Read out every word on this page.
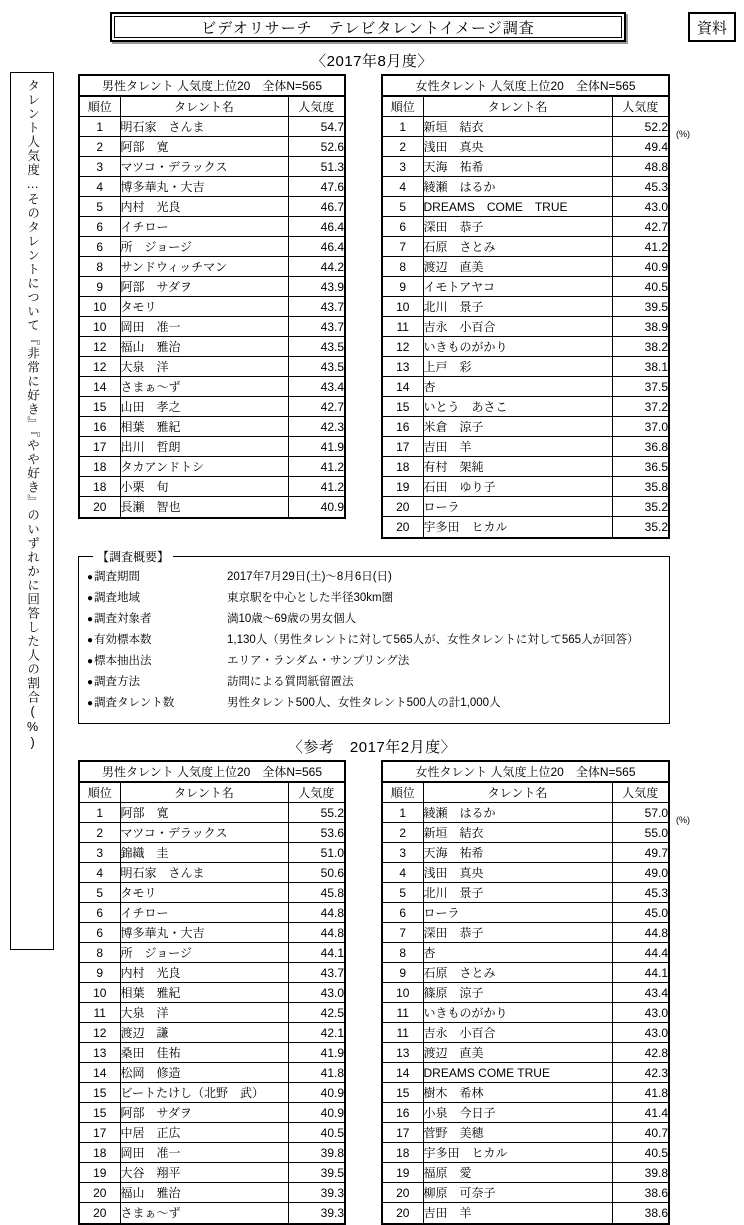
ビデオリサーチ　テレビタレントイメージ調査	資料
〈2017年8月度〉
タレント人気度…そのタレントについて『非常に好き』『やや好き』のいずれかに回答した人の割合(%)	男性タレント 人気度上位20　全体N=565
順位	タレント名	人気度
1	明石家　さんま	54.7
2	阿部　寛	52.6
3	マツコ・デラックス	51.3
4	博多華丸・大吉	47.6
5	内村　光良	46.7
6	イチロー	46.4
6	所　ジョージ	46.4
8	サンドウィッチマン	44.2
9	阿部　サダヲ	43.9
10	タモリ	43.7
10	岡田　准一	43.7
12	福山　雅治	43.5
12	大泉　洋	43.5
14	さまぁ〜ず	43.4
15	山田　孝之	42.7
16	相葉　雅紀	42.3
17	出川　哲朗	41.9
18	タカアンドトシ	41.2
18	小栗　旬	41.2
20	長瀬　智也	40.9
女性タレント 人気度上位20　全体N=565
順位	タレント名	人気度
1	新垣　結衣	52.2
2	浅田　真央	49.4
3	天海　祐希	48.8
4	綾瀬　はるか	45.3
5	DREAMS　COME　TRUE	43.0
6	深田　恭子	42.7
7	石原　さとみ	41.2
8	渡辺　直美	40.9
9	イモトアヤコ	40.5
10	北川　景子	39.5
11	吉永　小百合	38.9
12	いきものがかり	38.2
13	上戸　彩	38.1
14	杏	37.5
15	いとう　あさこ	37.2
16	米倉　涼子	37.0
17	吉田　羊	36.8
18	有村　架純	36.5
19	石田　ゆり子	35.8
20	ローラ	35.2
20	宇多田　ヒカル	35.2
(%)
【調査概要】
●調査期間	2017年7月29日(土)〜8月6日(日)
●調査地域	東京駅を中心とした半径30km圏
●調査対象者	満10歳〜69歳の男女個人
●有効標本数	1,130人（男性タレントに対して565人が、女性タレントに対して565人が回答）
●標本抽出法	エリア・ランダム・サンプリング法
●調査方法	訪問による質問紙留置法
●調査タレント数	男性タレント500人、女性タレント500人の計1,000人
〈参考　2017年2月度〉
男性タレント 人気度上位20　全体N=565
順位	タレント名	人気度
1	阿部　寛	55.2
2	マツコ・デラックス	53.6
3	錦織　圭	51.0
4	明石家　さんま	50.6
5	タモリ	45.8
6	イチロー	44.8
6	博多華丸・大吉	44.8
8	所　ジョージ	44.1
9	内村　光良	43.7
10	相葉　雅紀	43.0
11	大泉　洋	42.5
12	渡辺　謙	42.1
13	桑田　佳祐	41.9
14	松岡　修造	41.8
15	ビートたけし（北野　武）	40.9
15	阿部　サダヲ	40.9
17	中居　正広	40.5
18	岡田　准一	39.8
19	大谷　翔平	39.5
20	福山　雅治	39.3
20	さまぁ〜ず	39.3
女性タレント 人気度上位20　全体N=565
順位	タレント名	人気度
1	綾瀬　はるか	57.0
2	新垣　結衣	55.0
3	天海　祐希	49.7
4	浅田　真央	49.0
5	北川　景子	45.3
6	ローラ	45.0
7	深田　恭子	44.8
8	杏	44.4
9	石原　さとみ	44.1
10	篠原　涼子	43.4
11	いきものがかり	43.0
11	吉永　小百合	43.0
13	渡辺　直美	42.8
14	DREAMS COME TRUE	42.3
15	樹木　希林	41.8
16	小泉　今日子	41.4
17	菅野　美穂	40.7
18	宇多田　ヒカル	40.5
19	福原　愛	39.8
20	柳原　可奈子	38.6
20	吉田　羊	38.6
(%)
